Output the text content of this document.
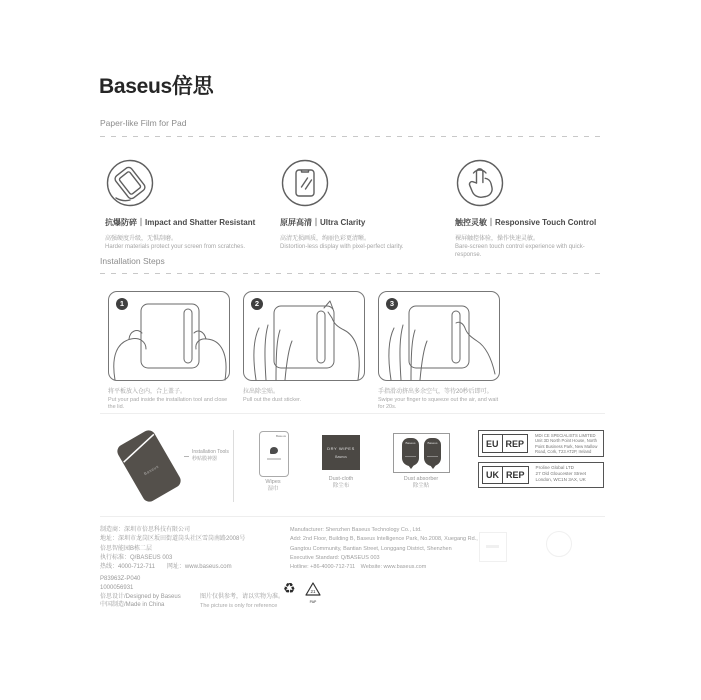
Baseus倍思
Paper-like Film for Pad
抗爆防碎｜Impact and Shatter Resistant
高强硬度升级，无惧刮磨。
Harder materials protect your screen from scratches.
原屏高清｜Ultra Clarity
高清无损画质，绚丽色彩更清晰。
Distortion-less display with pixel-perfect clarity.
触控灵敏｜Responsive Touch Control
裸屏触控体验，操作快速灵敏。
Bare-screen touch control experience with quick-response.
Installation Steps
1	2	3
将平板放入仓内，合上盖子。
Put your pad inside the installation tool and close the lid.
拉出除尘贴。
Pull out the dust sticker.
手指滑动挤出多余空气，等待20秒后即可。
Swipe your finger to squeeze out the air, and wait for 20s.
Baseus
Installation Tools
秒贴膜神器
Baseus
Wipes
湿巾
DRY WIPES
Baseus
Dust-cloth
除尘布
Baseus	Baseus
Dust absorber
除尘贴
EU REP
MDI CE SPECIALISTS LIMITED
Unit 3D North Point House, North
Point Business Park, New Mallow
Road, Cork, T23 AT2P, Ireland
UK REP
Proline Global LTD
27 Old Gloucester Street
London, WC1N 3AX, UK
制造商：深圳市倍思科技有限公司
地址：深圳市龙岗区坂田街道岗头社区雪岗南路2008号
倍思智能园B栋二层
执行标准：Q/BASEUS 003
热线：4000-712-711　　网址：www.baseus.com
Manufacturer: Shenzhen Baseus Technology Co., Ltd.
Add: 2nd Floor, Building B, Baseus Intelligence Park, No.2008, Xuegang Rd.,
Gangtou Community, Bantian Street, Longgang District, Shenzhen
Executive Standard: Q/BASEUS 003
Hotline: +86-4000-712-711　Website: www.baseus.com
P83963Z-P040
1000056931
倍思设计/Designed by Baseus
中国制造/Made in China
图片仅供参考，请以实物为准。
The picture is only for reference
♻	21
PAP
